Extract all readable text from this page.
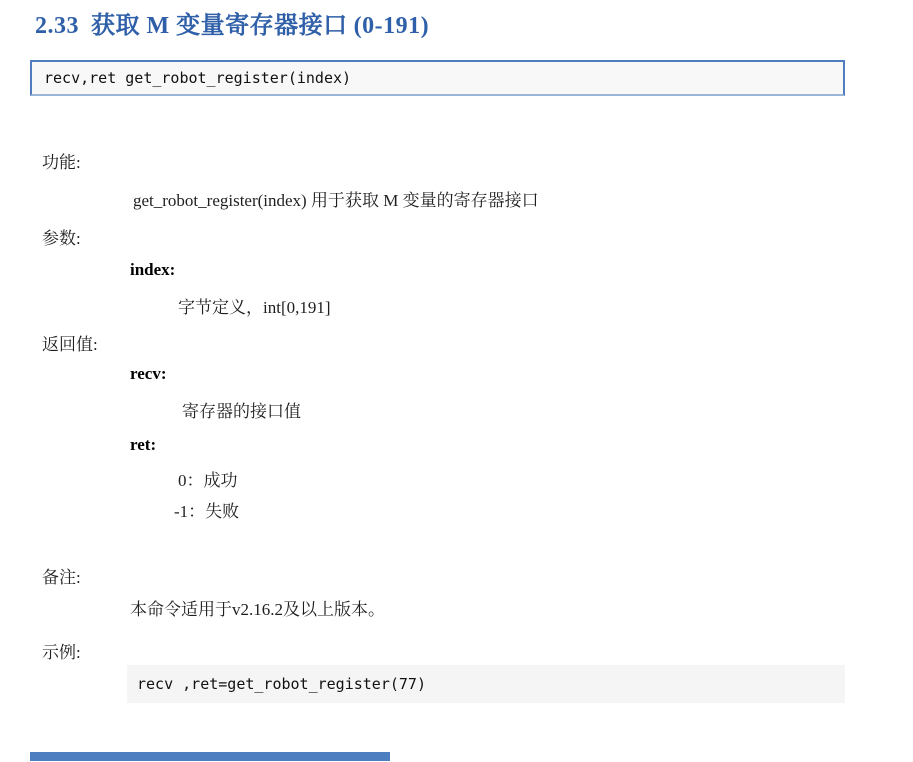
2.33 获取 M 变量寄存器接口 (0-191)
recv,ret get_robot_register(index)
功能:
get_robot_register(index) 用于获取 M 变量的寄存器接口
参数:
index:
字节定义，int[0,191]
返回值:
recv:
寄存器的接口值
ret:
0：成功
-1：失败
备注:
本命令适用于v2.16.2及以上版本。
示例:
recv ,ret=get_robot_register(77)
